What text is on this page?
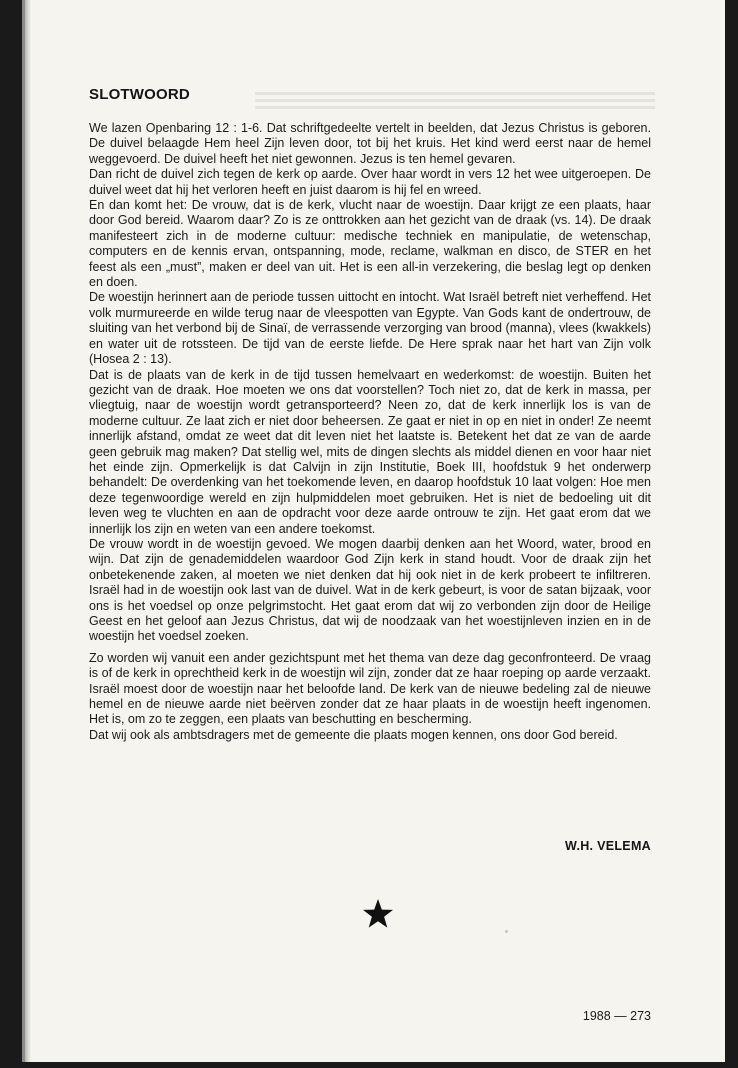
SLOTWOORD

We lazen Openbaring 12 : 1-6. Dat schriftgedeelte vertelt in beelden, dat Jezus Christus is geboren. De duivel belaagde Hem heel Zijn leven door, tot bij het kruis. Het kind werd eerst naar de hemel weggevoerd. De duivel heeft het niet gewonnen. Jezus is ten hemel gevaren.

Dan richt de duivel zich tegen de kerk op aarde. Over haar wordt in vers 12 het wee uitgeroepen. De duivel weet dat hij het verloren heeft en juist daarom is hij fel en wreed.

En dan komt het: De vrouw, dat is de kerk, vlucht naar de woestijn. Daar krijgt ze een plaats, haar door God bereid. Waarom daar? Zo is ze onttrokken aan het gezicht van de draak (vs. 14). De draak manifesteert zich in de moderne cultuur: medische techniek en manipulatie, de wetenschap, computers en de kennis ervan, ontspanning, mode, reclame, walkman en disco, de STER en het feest als een „must”, maken er deel van uit. Het is een all-in verzekering, die beslag legt op denken en doen.

De woestijn herinnert aan de periode tussen uittocht en intocht. Wat Israël betreft niet verheffend. Het volk murmureerde en wilde terug naar de vleespotten van Egypte. Van Gods kant de ondertrouw, de sluiting van het verbond bij de Sinaï, de verrassende verzorging van brood (manna), vlees (kwakkels) en water uit de rotssteen. De tijd van de eerste liefde. De Here sprak naar het hart van Zijn volk (Hosea 2 : 13).

Dat is de plaats van de kerk in de tijd tussen hemelvaart en wederkomst: de woestijn. Buiten het gezicht van de draak. Hoe moeten we ons dat voorstellen? Toch niet zo, dat de kerk in massa, per vliegtuig, naar de woestijn wordt getransporteerd? Neen zo, dat de kerk innerlijk los is van de moderne cultuur. Ze laat zich er niet door beheersen. Ze gaat er niet in op en niet in onder! Ze neemt innerlijk afstand, omdat ze weet dat dit leven niet het laatste is. Betekent het dat ze van de aarde geen gebruik mag maken? Dat stellig wel, mits de dingen slechts als middel dienen en voor haar niet het einde zijn. Opmerkelijk is dat Calvijn in zijn Institutie, Boek III, hoofdstuk 9 het onderwerp behandelt: De overdenking van het toekomende leven, en daarop hoofdstuk 10 laat volgen: Hoe men deze tegenwoordige wereld en zijn hulpmiddelen moet gebruiken. Het is niet de bedoeling uit dit leven weg te vluchten en aan de opdracht voor deze aarde ontrouw te zijn. Het gaat erom dat we innerlijk los zijn en weten van een andere toekomst.

De vrouw wordt in de woestijn gevoed. We mogen daarbij denken aan het Woord, water, brood en wijn. Dat zijn de genademiddelen waardoor God Zijn kerk in stand houdt. Voor de draak zijn het onbetekenende zaken, al moeten we niet denken dat hij ook niet in de kerk probeert te infiltreren. Israël had in de woestijn ook last van de duivel. Wat in de kerk gebeurt, is voor de satan bijzaak, voor ons is het voedsel op onze pelgrimstocht. Het gaat erom dat wij zo verbonden zijn door de Heilige Geest en het geloof aan Jezus Christus, dat wij de noodzaak van het woestijnleven inzien en in de woestijn het voedsel zoeken.

Zo worden wij vanuit een ander gezichtspunt met het thema van deze dag geconfronteerd. De vraag is of de kerk in oprechtheid kerk in de woestijn wil zijn, zonder dat ze haar roeping op aarde verzaakt. Israël moest door de woestijn naar het beloofde land. De kerk van de nieuwe bedeling zal de nieuwe hemel en de nieuwe aarde niet beërven zonder dat ze haar plaats in de woestijn heeft ingenomen. Het is, om zo te zeggen, een plaats van beschutting en bescherming.

Dat wij ook als ambtsdragers met de gemeente die plaats mogen kennen, ons door God bereid.

W.H. VELEMA
1988 — 273
